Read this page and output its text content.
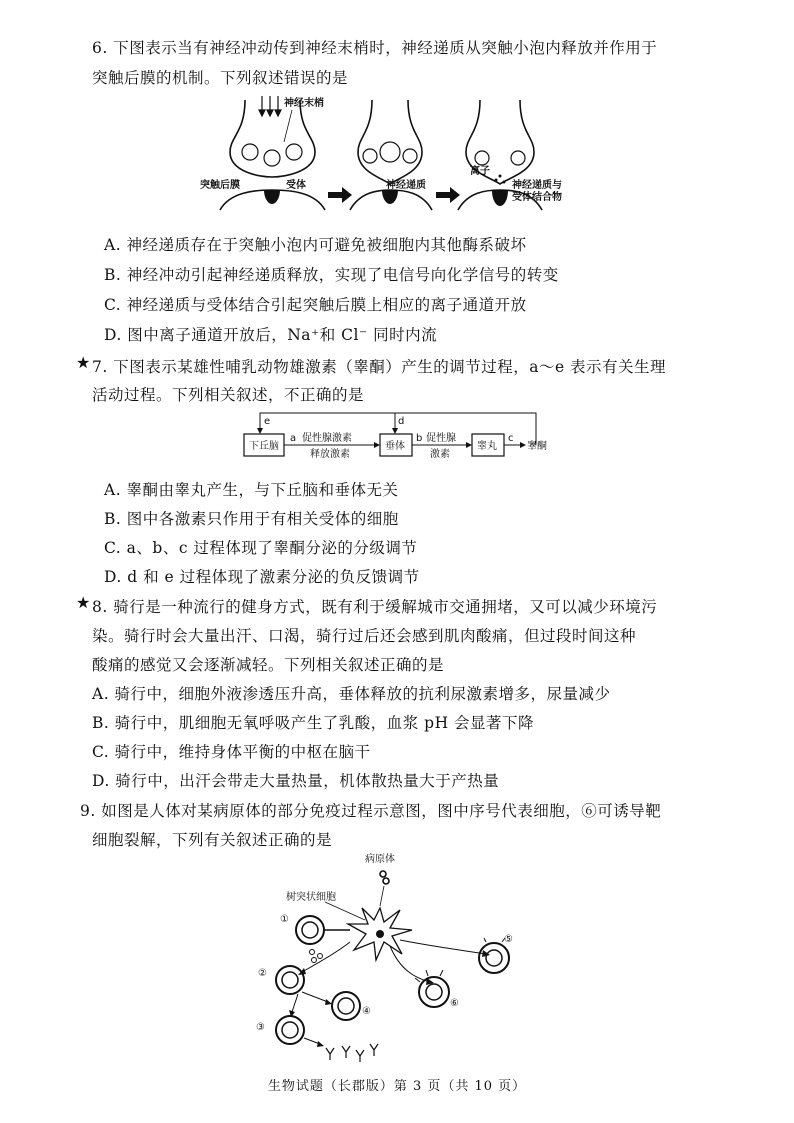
6. 下图表示当有神经冲动传到神经末梢时，神经递质从突触小泡内释放并作用于
突触后膜的机制。下列叙述错误的是
神经末梢
突触后膜	受体	神经递质
离子
神经递质与
受体结合物
A. 神经递质存在于突触小泡内可避免被细胞内其他酶系破坏
B. 神经冲动引起神经递质释放，实现了电信号向化学信号的转变
C. 神经递质与受体结合引起突触后膜上相应的离子通道开放
D. 图中离子通道开放后，Na⁺和 Cl⁻ 同时内流
★ 7. 下图表示某雄性哺乳动物雄激素（睾酮）产生的调节过程，a～e 表示有关生理
活动过程。下列相关叙述，不正确的是
e	d
下丘脑	垂体	睾丸
a 促性腺激素
释放激素
b 促性腺
激素
c
睾酮
A. 睾酮由睾丸产生，与下丘脑和垂体无关
B. 图中各激素只作用于有相关受体的细胞
C. a、b、c 过程体现了睾酮分泌的分级调节
D. d 和 e 过程体现了激素分泌的负反馈调节
★ 8. 骑行是一种流行的健身方式，既有利于缓解城市交通拥堵，又可以减少环境污
染。骑行时会大量出汗、口渴，骑行过后还会感到肌肉酸痛，但过段时间这种
酸痛的感觉又会逐渐减轻。下列相关叙述正确的是
A. 骑行中，细胞外液渗透压升高，垂体释放的抗利尿激素增多，尿量减少
B. 骑行中，肌细胞无氧呼吸产生了乳酸，血浆 pH 会显著下降
C. 骑行中，维持身体平衡的中枢在脑干
D. 骑行中，出汗会带走大量热量，机体散热量大于产热量
9. 如图是人体对某病原体的部分免疫过程示意图，图中序号代表细胞，⑥可诱导靶
细胞裂解，下列有关叙述正确的是
病原体
树突状细胞
①
②
③
④
⑥
⑤
生物试题（长郡版）第 3 页（共 10 页）
